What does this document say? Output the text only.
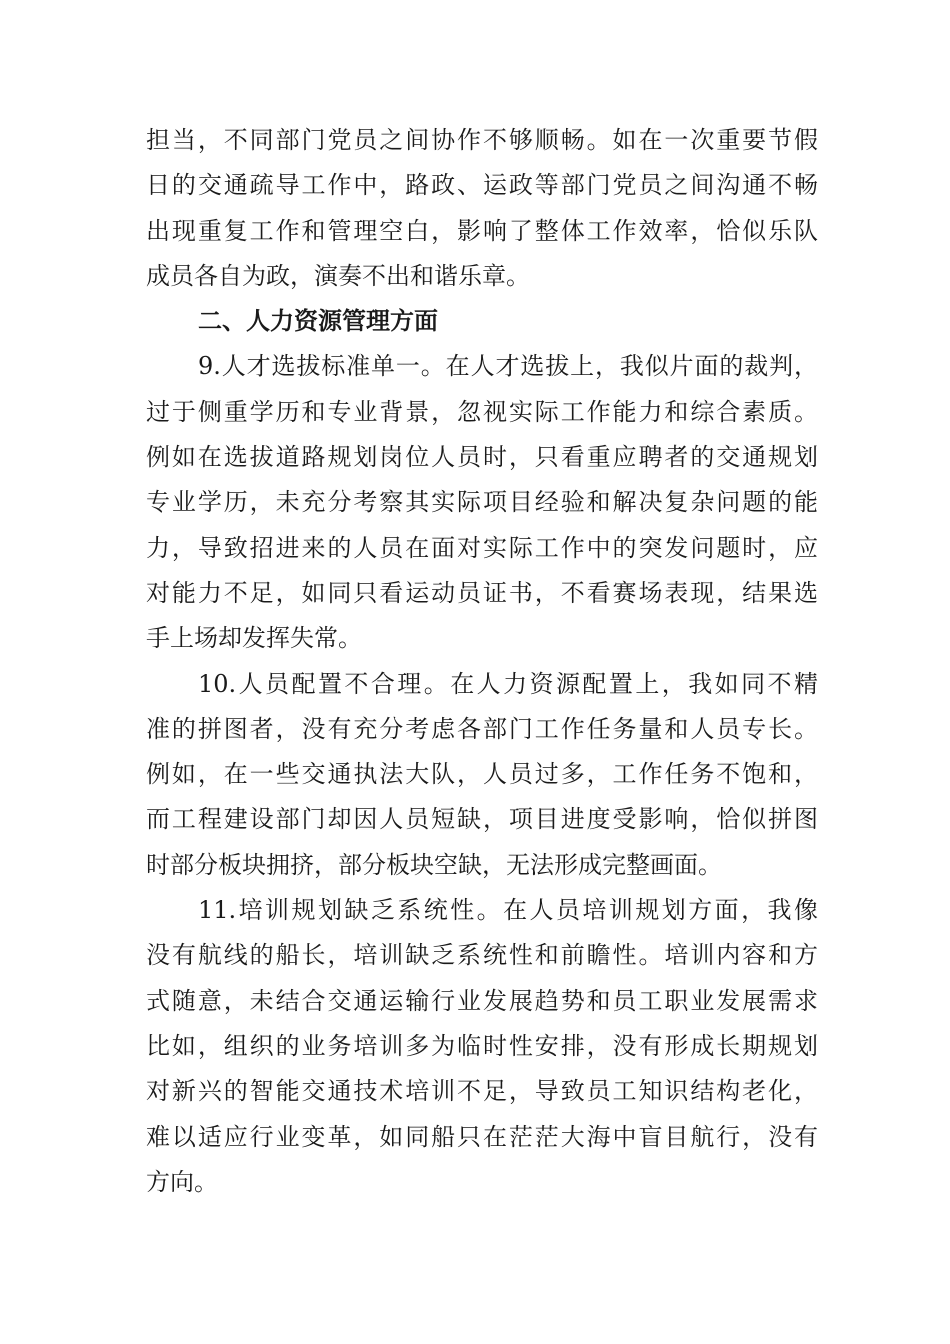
担当，不同部门党员之间协作不够顺畅。如在一次重要节假
日的交通疏导工作中，路政、运政等部门党员之间沟通不畅
出现重复工作和管理空白，影响了整体工作效率，恰似乐队
成员各自为政，演奏不出和谐乐章。
二、人力资源管理方面
9.人才选拔标准单一。在人才选拔上，我似片面的裁判，
过于侧重学历和专业背景，忽视实际工作能力和综合素质。
例如在选拔道路规划岗位人员时，只看重应聘者的交通规划
专业学历，未充分考察其实际项目经验和解决复杂问题的能
力，导致招进来的人员在面对实际工作中的突发问题时，应
对能力不足，如同只看运动员证书，不看赛场表现，结果选
手上场却发挥失常。
10.人员配置不合理。在人力资源配置上，我如同不精
准的拼图者，没有充分考虑各部门工作任务量和人员专长。
例如，在一些交通执法大队，人员过多，工作任务不饱和，
而工程建设部门却因人员短缺，项目进度受影响，恰似拼图
时部分板块拥挤，部分板块空缺，无法形成完整画面。
11.培训规划缺乏系统性。在人员培训规划方面，我像
没有航线的船长，培训缺乏系统性和前瞻性。培训内容和方
式随意，未结合交通运输行业发展趋势和员工职业发展需求
比如，组织的业务培训多为临时性安排，没有形成长期规划
对新兴的智能交通技术培训不足，导致员工知识结构老化，
难以适应行业变革，如同船只在茫茫大海中盲目航行，没有
方向。
